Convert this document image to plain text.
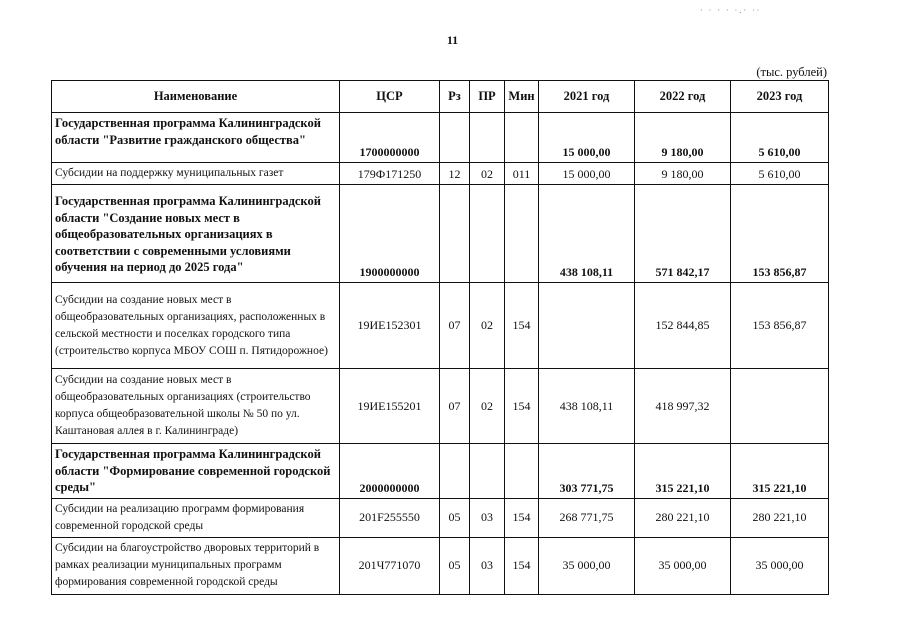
· · · · ·.· ··
11
(тыс. рублей)
Наименование	ЦСР	Рз	ПР	Мин	2021 год	2022 год	2023 год
Государственная программа Калининградской области "Развитие гражданского общества"	1700000000				15 000,00	9 180,00	5 610,00
Субсидии на поддержку муниципальных газет	179Ф171250	12	02	011	15 000,00	9 180,00	5 610,00
Государственная программа Калининградской области "Создание новых мест в общеобразовательных организациях в соответствии с современными условиями обучения на период до 2025 года"	1900000000				438 108,11	571 842,17	153 856,87
Субсидии на создание новых мест в общеобразовательных организациях, расположенных в сельской местности и поселках городского типа (строительство корпуса МБОУ СОШ п. Пятидорожное)	19ИЕ152301	07	02	154		152 844,85	153 856,87
Субсидии на создание новых мест в общеобразовательных организациях (строительство корпуса общеобразовательной школы № 50 по ул. Каштановая аллея в г. Калининграде)	19ИЕ155201	07	02	154	438 108,11	418 997,32	
Государственная программа Калининградской области "Формирование современной городской среды"	2000000000				303 771,75	315 221,10	315 221,10
Субсидии на реализацию программ формирования современной городской среды	201F255550	05	03	154	268 771,75	280 221,10	280 221,10
Субсидии на благоустройство дворовых территорий в рамках реализации муниципальных программ формирования современной городской среды	201Ч771070	05	03	154	35 000,00	35 000,00	35 000,00
